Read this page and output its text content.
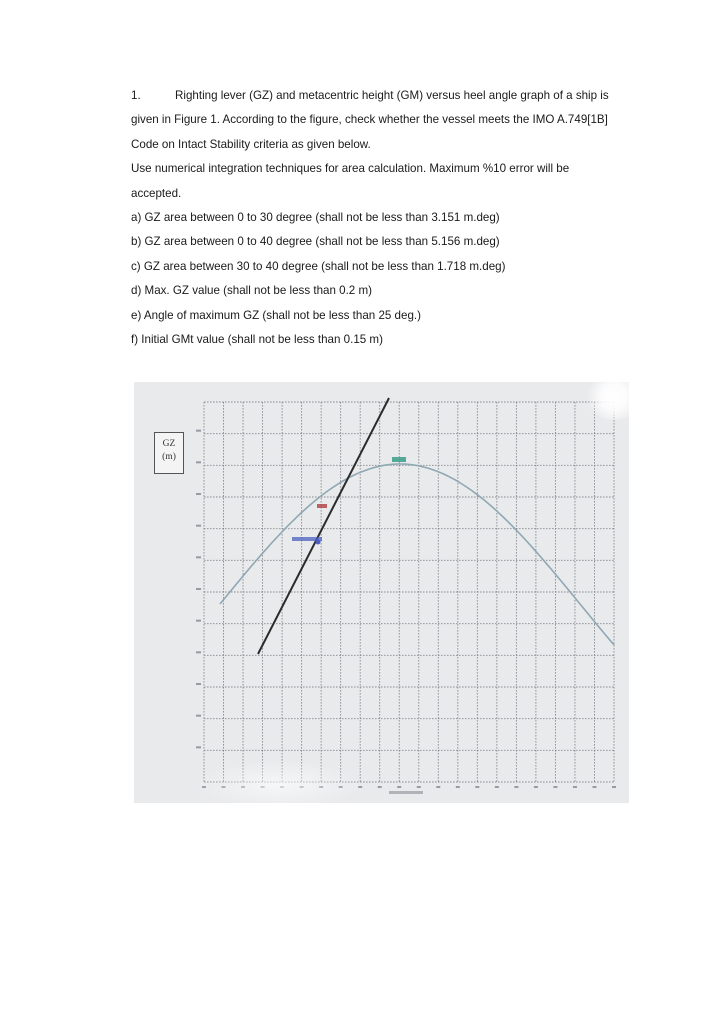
1.	Righting lever (GZ) and metacentric height (GM) versus heel angle graph of a ship is
given in Figure 1. According to the figure, check whether the vessel meets the IMO A.749[1B]
Code on Intact Stability criteria as given below.
Use numerical integration techniques for area calculation. Maximum %10 error will be
accepted.
a) GZ area between 0 to 30 degree (shall not be less than 3.151 m.deg)
b) GZ area between 0 to 40 degree (shall not be less than 5.156 m.deg)
c) GZ area between 30 to 40 degree (shall not be less than 1.718 m.deg)
d) Max. GZ value (shall not be less than 0.2 m)
e) Angle of maximum GZ (shall not be less than 25 deg.)
f) Initial GMt value (shall not be less than 0.15 m)
GZ
(m)
